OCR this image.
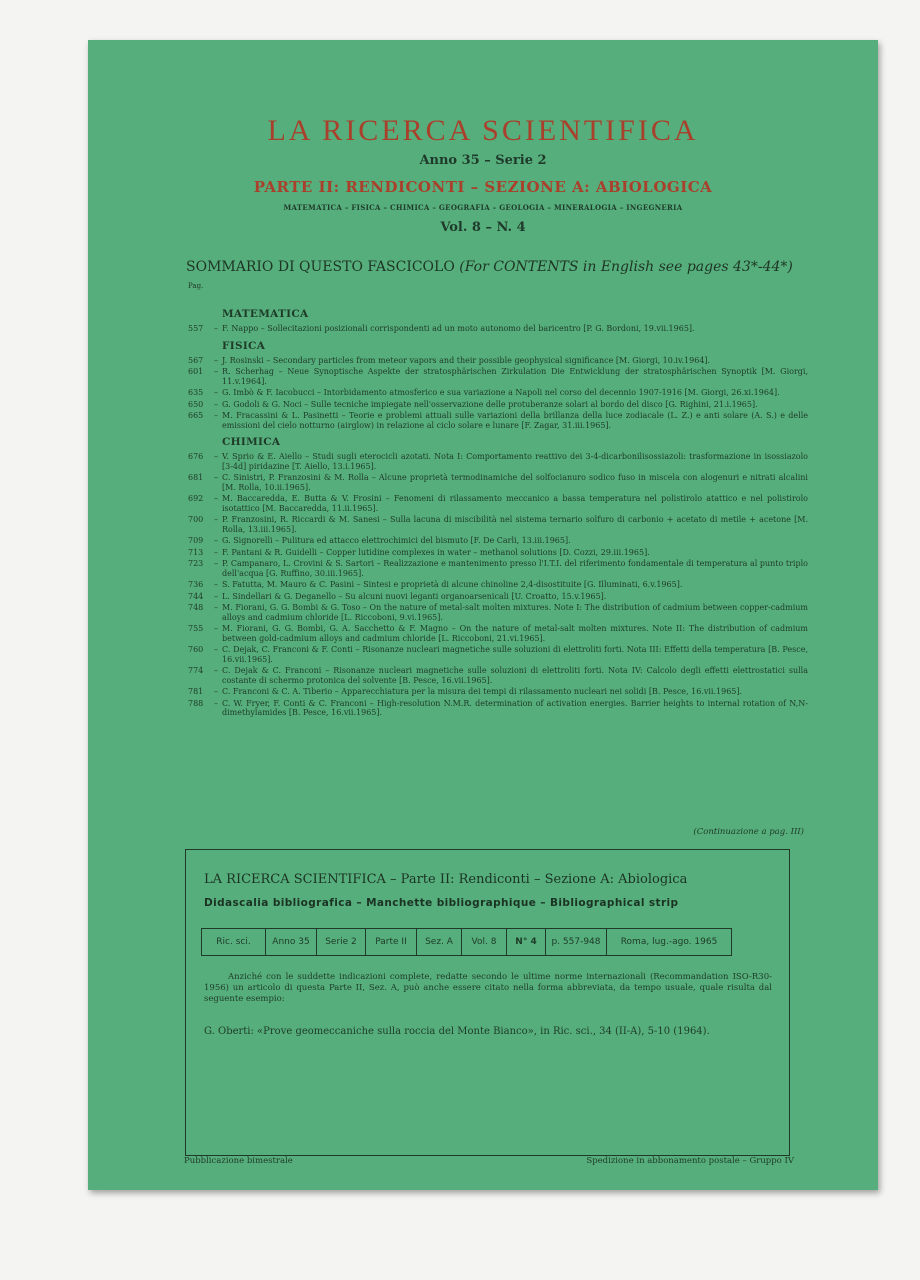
LA RICERCA SCIENTIFICA
Anno 35 – Serie 2
PARTE II: RENDICONTI – SEZIONE A: ABIOLOGICA
MATEMATICA – FISICA – CHIMICA – GEOGRAFIA – GEOLOGIA – MINERALOGIA – INGEGNERIA
Vol. 8 – N. 4
SOMMARIO DI QUESTO FASCICOLO (For CONTENTS in English see pages 43*-44*)
Pag.
MATEMATICA
557	– F. Nappo – Sollecitazioni posizionali corrispondenti ad un moto autonomo del baricentro [P. G. Bordoni, 19.vii.1965].
FISICA
567	– J. Rosinski – Secondary particles from meteor vapors and their possible geophysical significance [M. Giorgi, 10.iv.1964].
601	– R. Scherhag – Neue Synoptische Aspekte der stratosphärischen Zirkulation Die Entwicklung der stratosphärischen Synoptik [M. Giorgi, 11.v.1964].
635	– G. Imbò & F. Iacobucci – Intorbidamento atmosferico e sua variazione a Napoli nel corso del decennio 1907-1916 [M. Giorgi, 26.xi.1964].
650	– G. Godoli & G. Noci – Sulle tecniche impiegate nell'osservazione delle protuberanze solari al bordo del disco [G. Righini, 21.i.1965].
665	– M. Fracassini & L. Pasinetti – Teorie e problemi attuali sulle variazioni della brillanza della luce zodiacale (L. Z.) e anti solare (A. S.) e delle emissioni del cielo notturno (airglow) in relazione al ciclo solare e lunare [F. Zagar, 31.iii.1965].
CHIMICA
676	– V. Sprio & E. Aiello – Studi sugli eterocicli azotati. Nota I: Comportamento reattivo dei 3-4-dicarbonilisossiazoli: trasformazione in isossiazolo [3-4d] piridazine [T. Aiello, 13.i.1965].
681	– C. Sinistri, P. Franzosini & M. Rolla – Alcune proprietà termodinamiche del solfocianuro sodico fuso in miscela con alogenuri e nitrati alcalini [M. Rolla, 10.ii.1965].
692	– M. Baccaredda, E. Butta & V. Frosini – Fenomeni di rilassamento meccanico a bassa temperatura nel polistirolo atattico e nel polistirolo isotattico [M. Baccaredda, 11.ii.1965].
700	– P. Franzosini, R. Riccardi & M. Sanesi – Sulla lacuna di miscibilità nel sistema ternario solfuro di carbonio + acetato di metile + acetone [M. Rolla, 13.iii.1965].
709	– G. Signorelli – Pulitura ed attacco elettrochimici del bismuto [F. De Carli, 13.iii.1965].
713	– F. Pantani & R. Guidelli – Copper lutidine complexes in water – methanol solutions [D. Cozzi, 29.iii.1965].
723	– P. Campanaro, L. Crovini & S. Sartori – Realizzazione e mantenimento presso l'I.T.I. del riferimento fondamentale di temperatura al punto triplo dell'acqua [G. Ruffino, 30.iii.1965].
736	– S. Fatutta, M. Mauro & C. Pasini – Sintesi e proprietà di alcune chinoline 2,4-disostituite [G. Illuminati, 6.v.1965].
744	– L. Sindellari & G. Deganello – Su alcuni nuovi leganti organoarsenicali [U. Croatto, 15.v.1965].
748	– M. Fiorani, G. G. Bombi & G. Toso – On the nature of metal-salt molten mixtures. Note I: The distribution of cadmium between copper-cadmium alloys and cadmium chloride [L. Riccoboni, 9.vi.1965].
755	– M. Fiorani, G. G. Bombi, G. A. Sacchetto & F. Magno – On the nature of metal-salt molten mixtures. Note II: The distribution of cadmium between gold-cadmium alloys and cadmium chloride [L. Riccoboni, 21.vi.1965].
760	– C. Dejak, C. Franconi & F. Conti – Risonanze nucleari magnetiche sulle soluzioni di elettroliti forti. Nota III: Effetti della temperatura [B. Pesce, 16.vii.1965].
774	– C. Dejak & C. Franconi – Risonanze nucleari magnetiche sulle soluzioni di elettroliti forti. Nota IV: Calcolo degli effetti elettrostatici sulla costante di schermo protonica del solvente [B. Pesce, 16.vii.1965].
781	– C. Franconi & C. A. Tiberio – Apparecchiatura per la misura dei tempi di rilassamento nucleari nei solidi [B. Pesce, 16.vii.1965].
788	– C. W. Fryer, F. Conti & C. Franconi – High-resolution N.M.R. determination of activation energies. Barrier heights to internal rotation of N,N-dimethylamides [B. Pesce, 16.vii.1965].
(Continuazione a pag. III)
LA RICERCA SCIENTIFICA – Parte II: Rendiconti – Sezione A: Abiologica
Didascalia bibliografica – Manchette bibliographique – Bibliographical strip
Ric. sci.	Anno 35	Serie 2	Parte II	Sez. A	Vol. 8	N° 4	p. 557-948	Roma, lug.-ago. 1965
Anziché con le suddette indicazioni complete, redatte secondo le ultime norme internazionali (Recommandation ISO-R30-1956) un articolo di questa Parte II, Sez. A, può anche essere citato nella forma abbreviata, da tempo usuale, quale risulta dal seguente esempio:
G. Oberti: «Prove geomeccaniche sulla roccia del Monte Bianco», in Ric. sci., 34 (II-A), 5-10 (1964).
Pubblicazione bimestrale	Spedizione in abbonamento postale – Gruppo IV
